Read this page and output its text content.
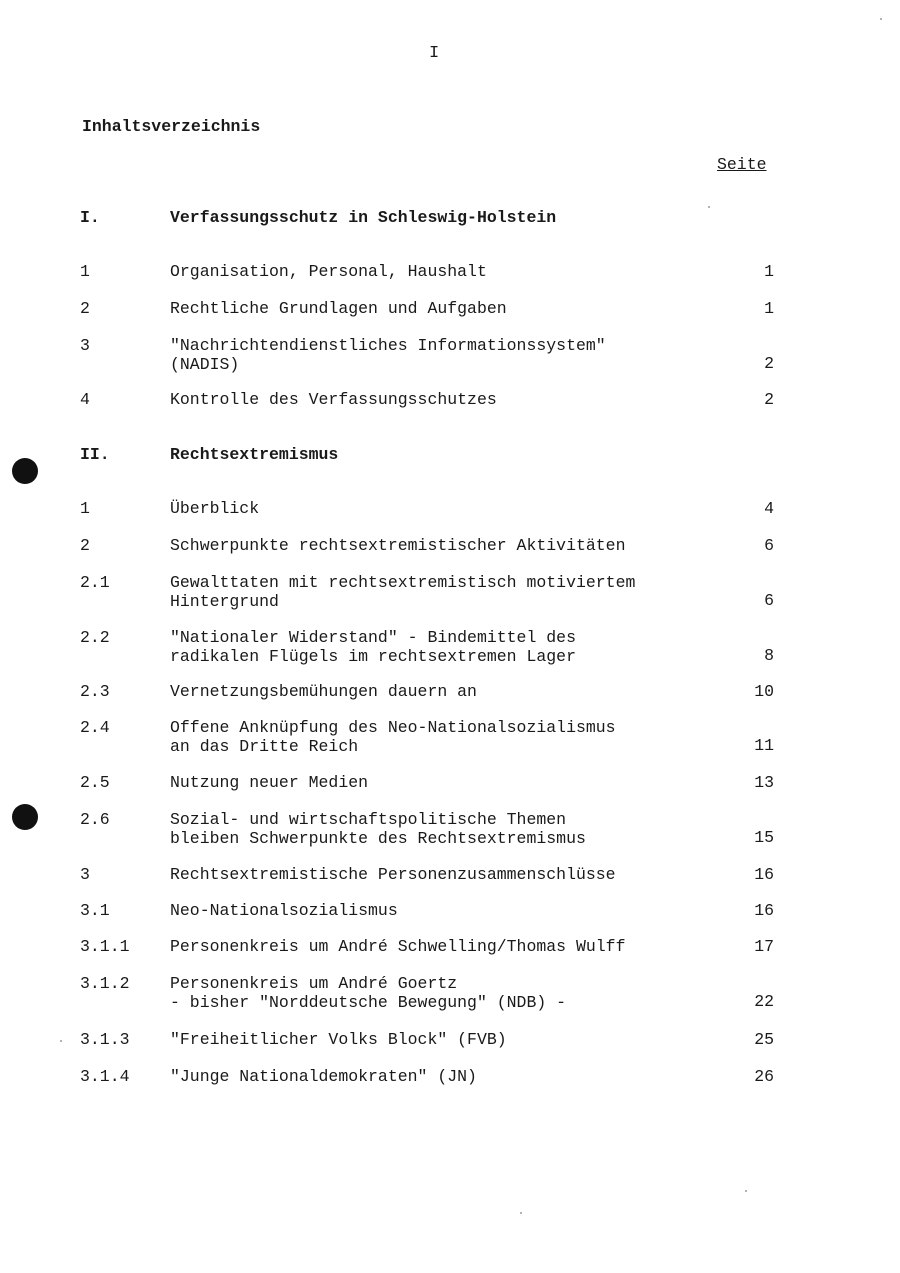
I
Inhaltsverzeichnis
Seite
I.	Verfassungsschutz in Schleswig-Holstein
1	Organisation, Personal, Haushalt	1
2	Rechtliche Grundlagen und Aufgaben	1
3	"Nachrichtendienstliches Informationssystem"
(NADIS)	2
4	Kontrolle des Verfassungsschutzes	2
II.	Rechtsextremismus
1	Überblick	4
2	Schwerpunkte rechtsextremistischer Aktivitäten	6
2.1	Gewalttaten mit rechtsextremistisch motiviertem
Hintergrund	6
2.2	"Nationaler Widerstand" - Bindemittel des
radikalen Flügels im rechtsextremen Lager	8
2.3	Vernetzungsbemühungen dauern an	10
2.4	Offene Anknüpfung des Neo-Nationalsozialismus
an das Dritte Reich	11
2.5	Nutzung neuer Medien	13
2.6	Sozial- und wirtschaftspolitische Themen
bleiben Schwerpunkte des Rechtsextremismus	15
3	Rechtsextremistische Personenzusammenschlüsse	16
3.1	Neo-Nationalsozialismus	16
3.1.1 Personenkreis um André Schwelling/Thomas Wulff	17
3.1.2 Personenkreis um André Goertz
- bisher "Norddeutsche Bewegung" (NDB) -	22
3.1.3 "Freiheitlicher Volks Block" (FVB)	25
3.1.4 "Junge Nationaldemokraten" (JN)	26
